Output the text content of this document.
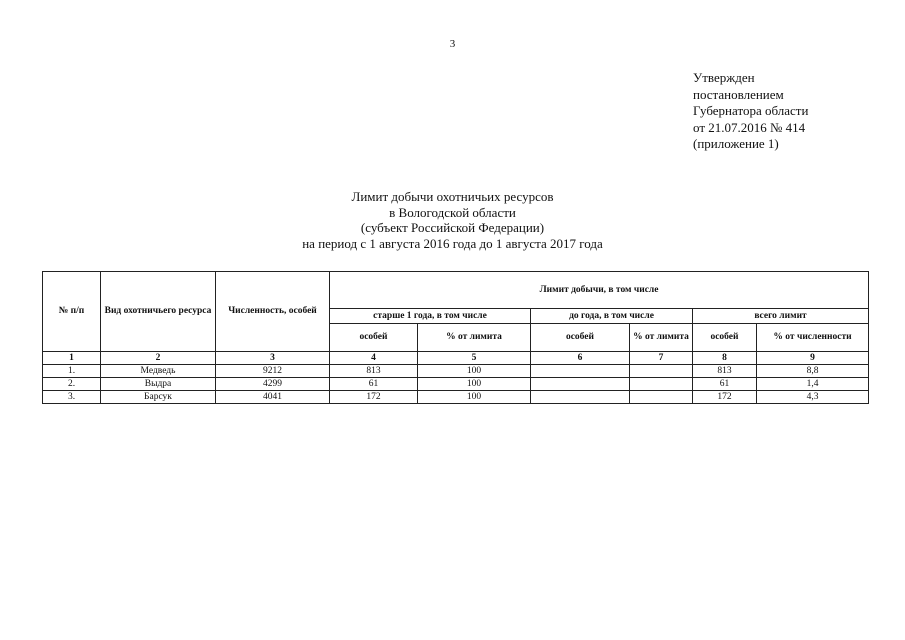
3
Утвержден
постановлением
Губернатора области
от 21.07.2016 № 414
(приложение 1)
Лимит добычи охотничьих ресурсов
в Вологодской области
(субъект Российской Федерации)
на период с 1 августа 2016 года до 1 августа 2017 года
№ п/п	Вид охотничьего ресурса	Численность, особей	Лимит добычи, в том числе					
			старше 1 года, в том числе		до года, в том числе		всего лимит	
			особей	% от лимита	особей	% от лимита	особей	% от численности
1	2	3	4	5	6	7	8	9
1.	Медведь	9212	813	100			813	8,8
2.	Выдра	4299	61	100			61	1,4
3.	Барсук	4041	172	100			172	4,3
